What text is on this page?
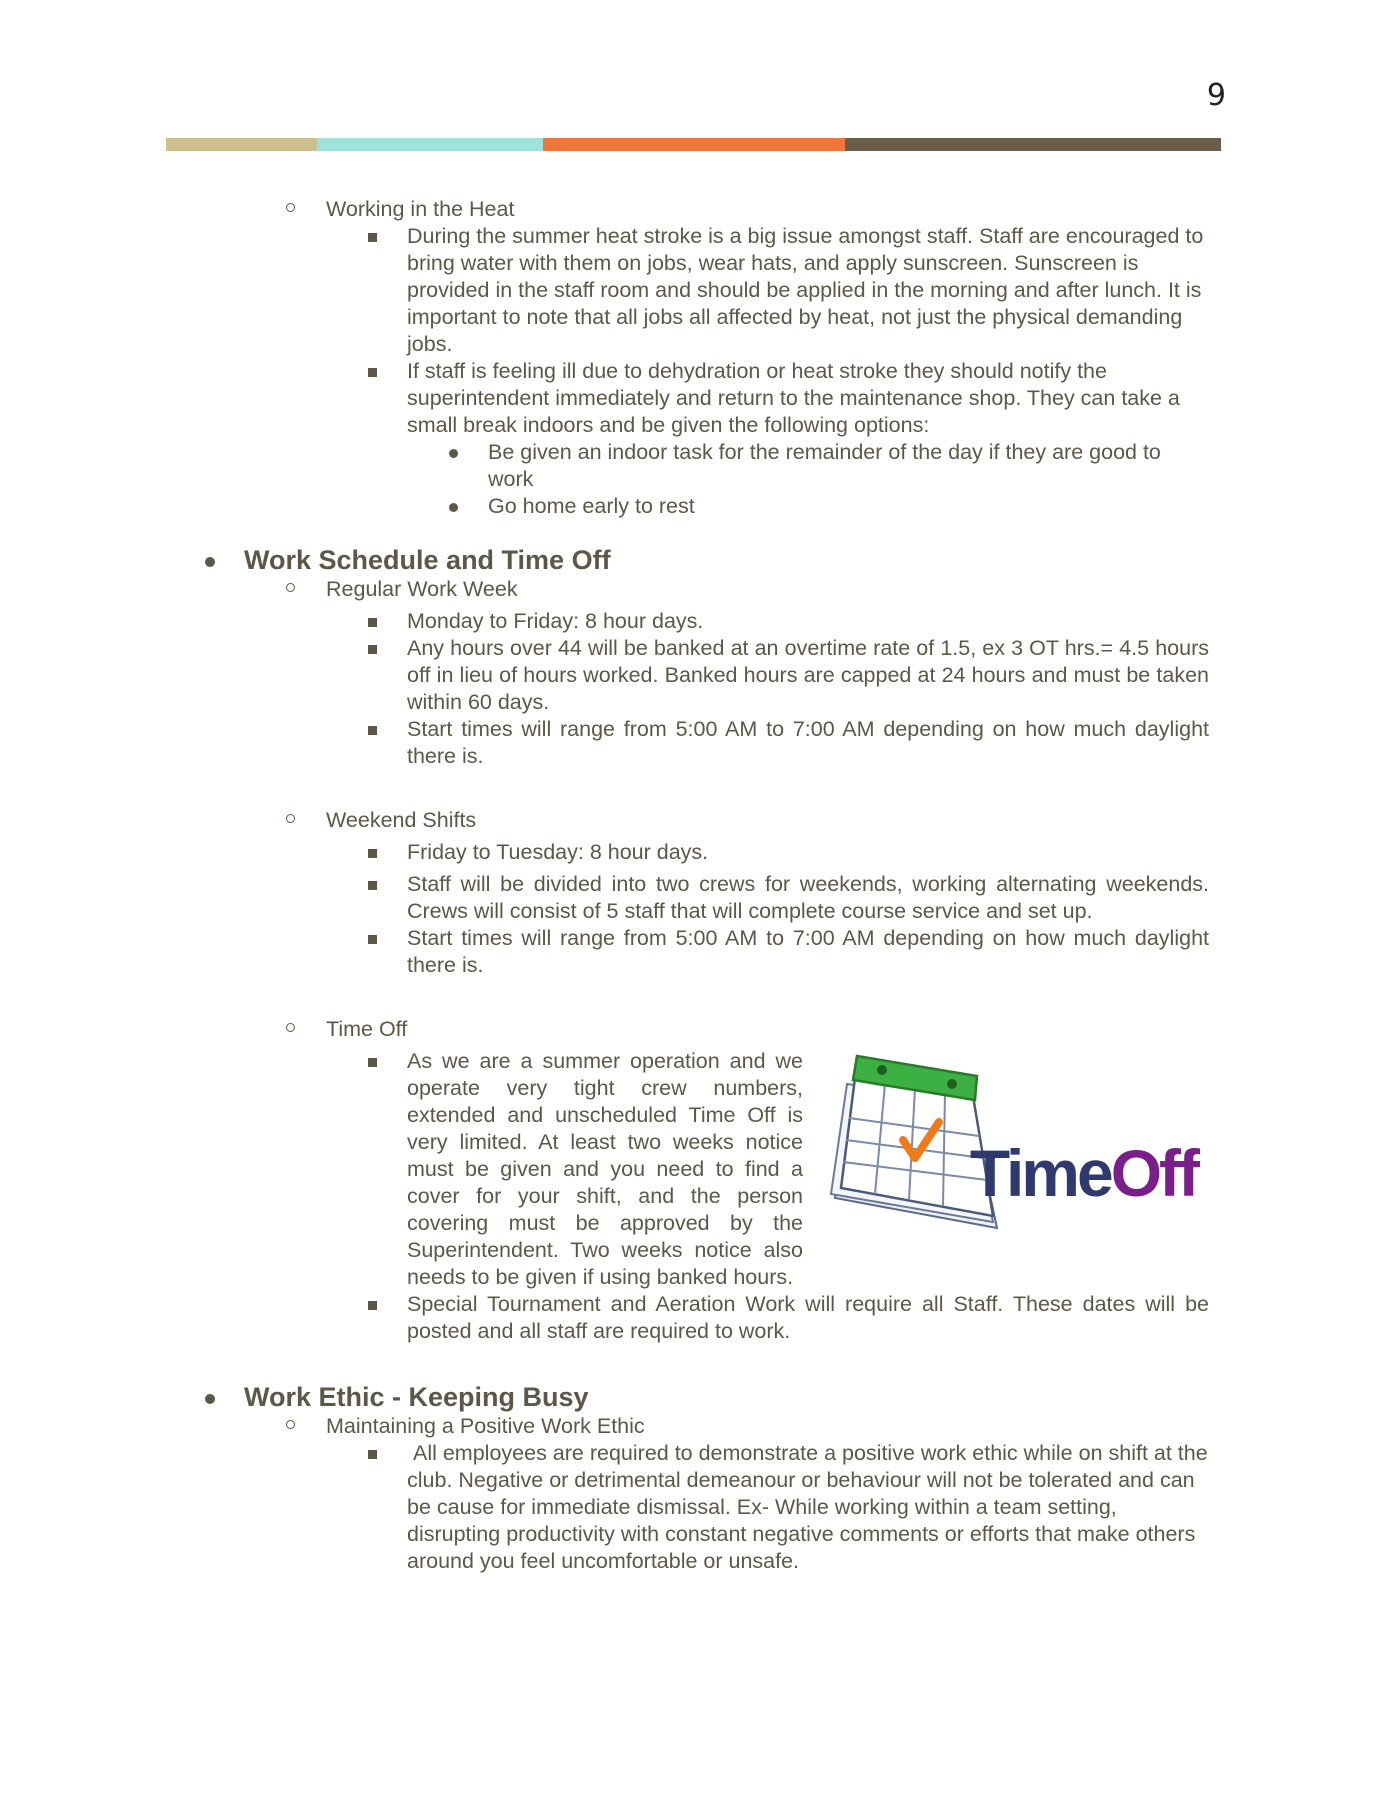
9
Working in the Heat
During the summer heat stroke is a big issue amongst staff. Staff are encouraged to bring water with them on jobs, wear hats, and apply sunscreen. Sunscreen is provided in the staff room and should be applied in the morning and after lunch. It is important to note that all jobs all affected by heat, not just the physical demanding jobs.
If staff is feeling ill due to dehydration or heat stroke they should notify the superintendent immediately and return to the maintenance shop. They can take a small break indoors and be given the following options:
Be given an indoor task for the remainder of the day if they are good to work
Go home early to rest
Work Schedule and Time Off
Regular Work Week
Monday to Friday: 8 hour days.
Any hours over 44 will be banked at an overtime rate of 1.5, ex 3 OT hrs.= 4.5 hours off in lieu of hours worked. Banked hours are capped at 24 hours and must be taken within 60 days.
Start times will range from 5:00 AM to 7:00 AM depending on how much daylight there is.
Weekend Shifts
Friday to Tuesday: 8 hour days.
Staff will be divided into two crews for weekends, working alternating weekends. Crews will consist of 5 staff that will complete course service and set up.
Start times will range from 5:00 AM to 7:00 AM depending on how much daylight there is.
Time Off
TimeOff
As we are a summer operation and we operate very tight crew numbers, extended and unscheduled Time Off is very limited. At least two weeks notice must be given and you need to find a cover for your shift, and the person covering must be approved by the Superintendent. Two weeks notice also needs to be given if using banked hours.
Special Tournament and Aeration Work will require all Staff. These dates will be posted and all staff are required to work.
Work Ethic - Keeping Busy
Maintaining a Positive Work Ethic
All employees are required to demonstrate a positive work ethic while on shift at the club. Negative or detrimental demeanour or behaviour will not be tolerated and can be cause for immediate dismissal. Ex- While working within a team setting, disrupting productivity with constant negative comments or efforts that make others around you feel uncomfortable or unsafe.
